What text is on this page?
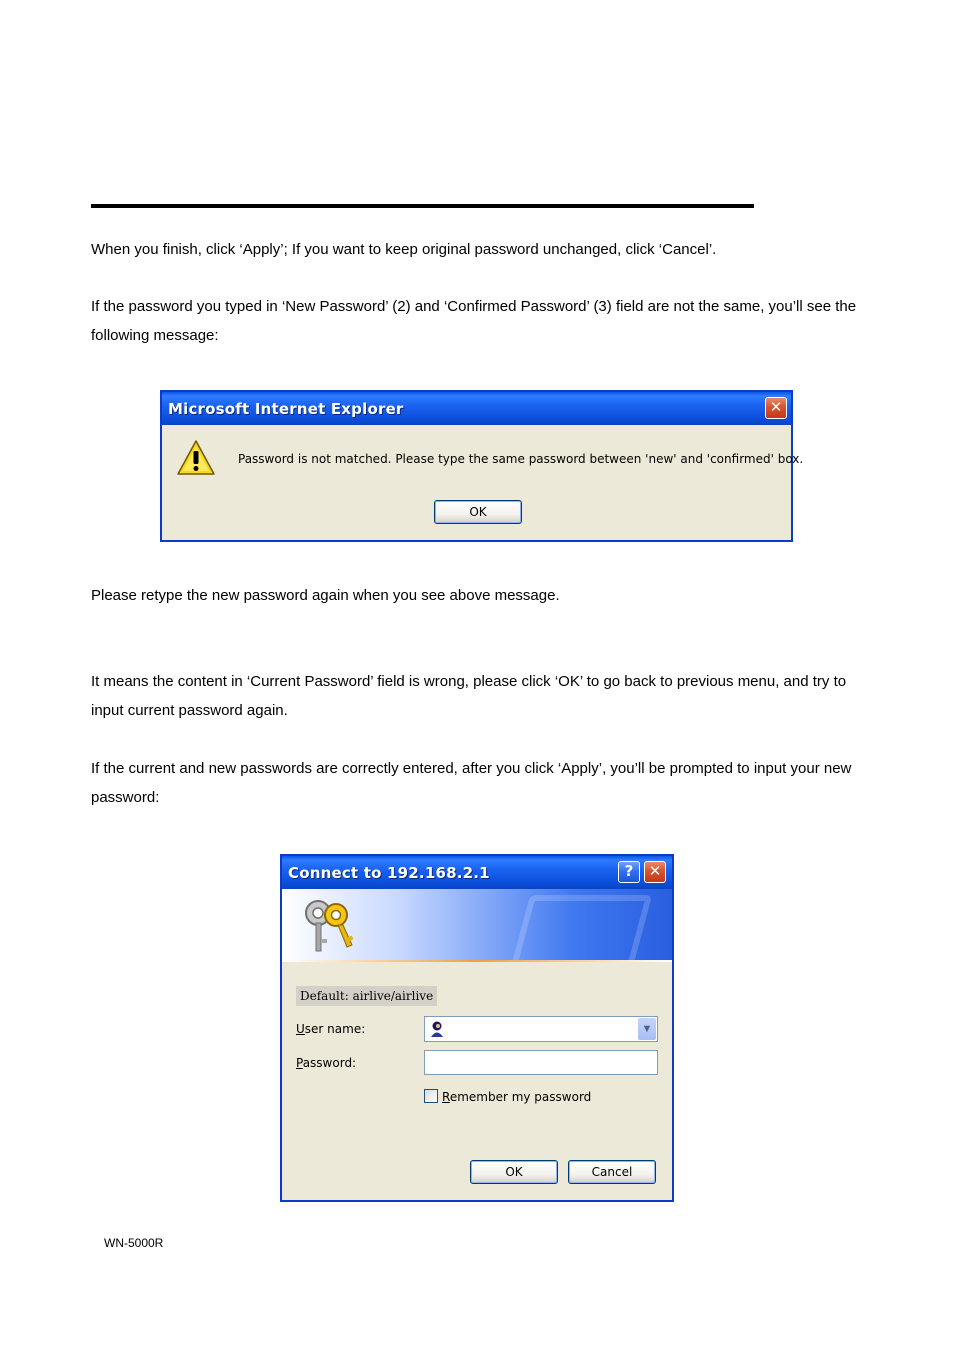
When you finish, click ‘Apply’; If you want to keep original password unchanged, click ‘Cancel’.

If the password you typed in ‘New Password’ (2) and ‘Confirmed Password’ (3) field are not the same, you’ll see the following message:

Microsoft Internet Explorer	✕
Password is not matched. Please type the same password between 'new' and 'confirmed' box.
OK

Please retype the new password again when you see above message.

It means the content in ‘Current Password’ field is wrong, please click ‘OK’ to go back to previous menu, and try to input current password again.

If the current and new passwords are correctly entered, after you click ‘Apply’, you’ll be prompted to input your new password:

Connect to 192.168.2.1	?	✕
Default: airlive/airlive
User name:	▼
Password:
Remember my password
OK	Cancel
WN-5000R
